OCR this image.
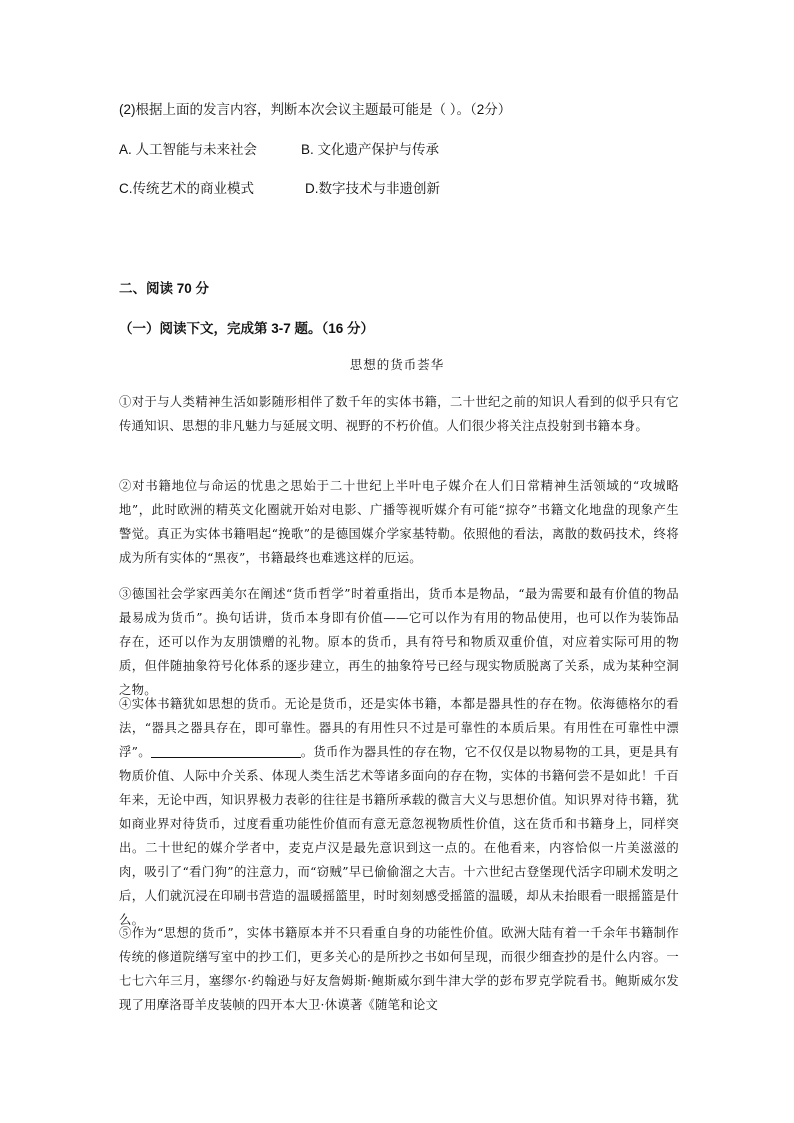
(2)根据上面的发言内容，判断本次会议主题最可能是（ ）。（2分）
A. 人工智能与未来社会	B. 文化遗产保护与传承
C.传统艺术的商业模式	D.数字技术与非遗创新
二、阅读 70 分
（一）阅读下文，完成第 3-7 题。（16 分）
思想的货币荟华
①对于与人类精神生活如影随形相伴了数千年的实体书籍，二十世纪之前的知识人看到的似乎只有它传通知识、思想的非凡魅力与延展文明、视野的不朽价值。人们很少将关注点投射到书籍本身。
②对书籍地位与命运的忧患之思始于二十世纪上半叶电子媒介在人们日常精神生活领域的“攻城略地”，此时欧洲的精英文化圈就开始对电影、广播等视听媒介有可能“掠夺”书籍文化地盘的现象产生警觉。真正为实体书籍唱起“挽歌”的是德国媒介学家基特勒。依照他的看法，离散的数码技术，终将成为所有实体的“黑夜”，书籍最终也难逃这样的厄运。
③德国社会学家西美尔在阐述“货币哲学”时着重指出，货币本是物品，“最为需要和最有价值的物品最易成为货币”。换句话讲，货币本身即有价值——它可以作为有用的物品使用，也可以作为装饰品存在，还可以作为友朋馈赠的礼物。原本的货币，具有符号和物质双重价值，对应着实际可用的物质，但伴随抽象符号化体系的逐步建立，再生的抽象符号已经与现实物质脱离了关系，成为某种空洞之物。
④实体书籍犹如思想的货币。无论是货币，还是实体书籍，本都是器具性的存在物。依海德格尔的看法，“器具之器具存在，即可靠性。器具的有用性只不过是可靠性的本质后果。有用性在可靠性中漂浮”。	。货币作为器具性的存在物，它不仅仅是以物易物的工具，更是具有物质价值、人际中介关系、体现人类生活艺术等诸多面向的存在物，实体的书籍何尝不是如此！千百年来，无论中西，知识界极力表彰的往往是书籍所承载的微言大义与思想价值。知识界对待书籍，犹如商业界对待货币，过度看重功能性价值而有意无意忽视物质性价值，这在货币和书籍身上，同样突出。二十世纪的媒介学者中，麦克卢汉是最先意识到这一点的。在他看来，内容恰似一片美滋滋的肉，吸引了“看门狗”的注意力，而“窃贼”早已偷偷溜之大吉。十六世纪古登堡现代活字印刷术发明之后，人们就沉浸在印刷书营造的温暖摇篮里，时时刻刻感受摇篮的温暖，却从未抬眼看一眼摇篮是什么。
⑤作为“思想的货币”，实体书籍原本并不只看重自身的功能性价值。欧洲大陆有着一千余年书籍制作传统的修道院缮写室中的抄工们，更多关心的是所抄之书如何呈现，而很少细查抄的是什么内容。一七七六年三月，塞缪尔·约翰逊与好友詹姆斯·鲍斯威尔到牛津大学的彭布罗克学院看书。鲍斯威尔发现了用摩洛哥羊皮装帧的四开本大卫·休谟著《随笔和论文
